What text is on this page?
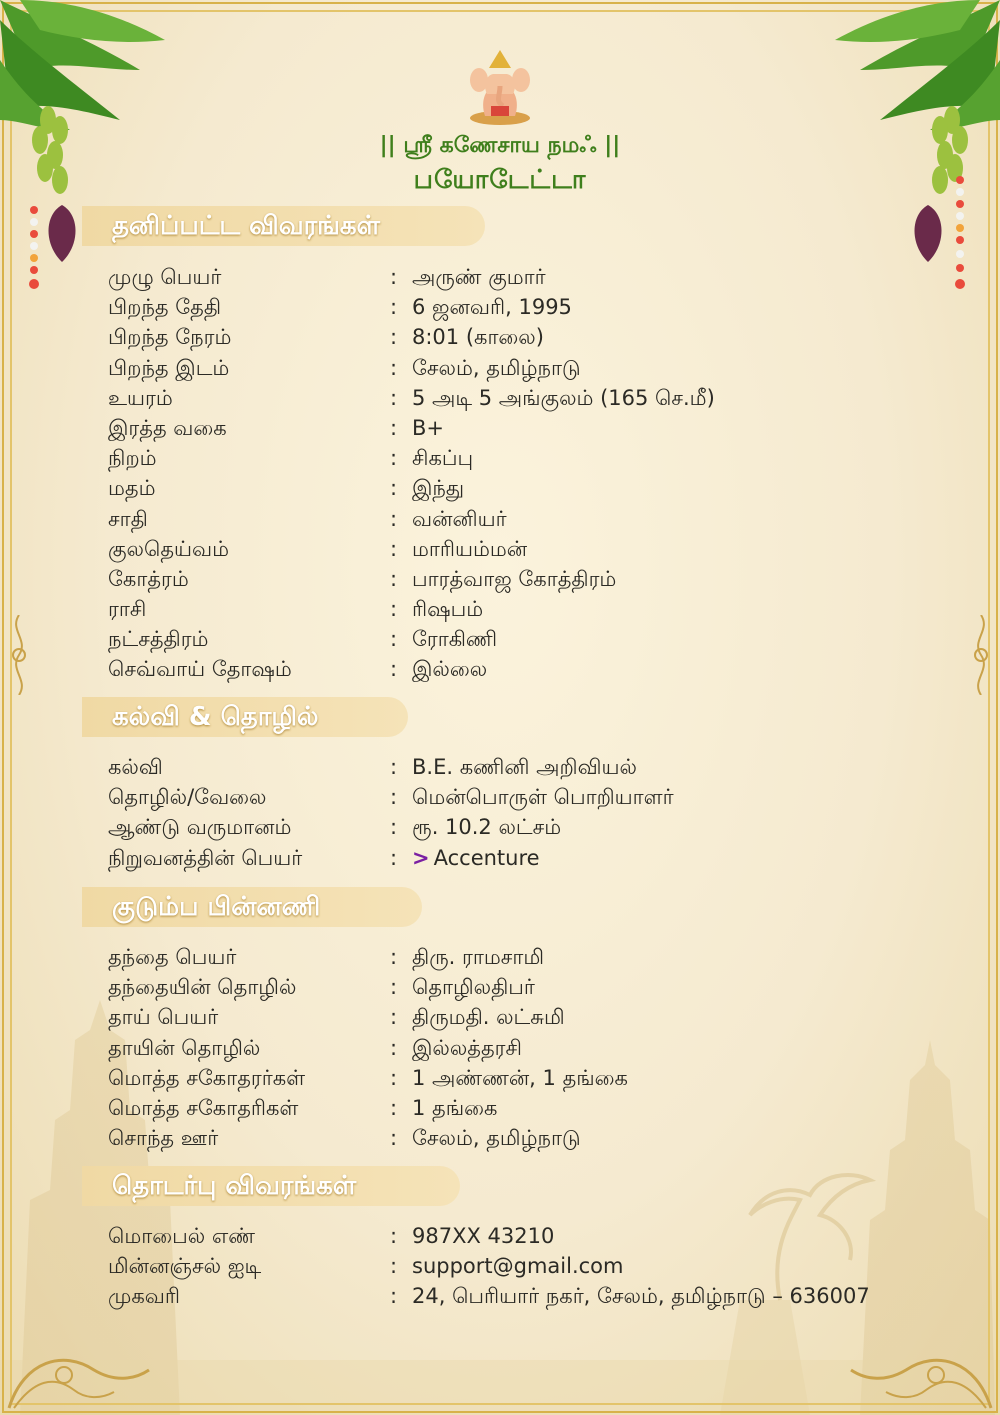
|| ஸ்ரீ கணேசாய நமஃ ||
பயோடேட்டா
தனிப்பட்ட விவரங்கள்
முழு பெயர்	: அருண் குமார்
பிறந்த தேதி	: 6 ஜனவரி, 1995
பிறந்த நேரம்	: 8:01 (காலை)
பிறந்த இடம்	: சேலம், தமிழ்நாடு
உயரம்	: 5 அடி 5 அங்குலம் (165 செ.மீ)
இரத்த வகை	: B+
நிறம்	: சிகப்பு
மதம்	: இந்து
சாதி	: வன்னியர்
குலதெய்வம்	: மாரியம்மன்
கோத்ரம்	: பாரத்வாஜ கோத்திரம்
ராசி	: ரிஷபம்
நட்சத்திரம்	: ரோகிணி
செவ்வாய் தோஷம்	: இல்லை
கல்வி & தொழில்
கல்வி	: B.E. கணினி அறிவியல்
தொழில்/வேலை	: மென்பொருள் பொறியாளர்
ஆண்டு வருமானம்	: ரூ. 10.2 லட்சம்
நிறுவனத்தின் பெயர்	: > Accenture
குடும்ப பின்னணி
தந்தை பெயர்	: திரு. ராமசாமி
தந்தையின் தொழில்	: தொழிலதிபர்
தாய் பெயர்	: திருமதி. லட்சுமி
தாயின் தொழில்	: இல்லத்தரசி
மொத்த சகோதரர்கள்	: 1 அண்ணன், 1 தங்கை
மொத்த சகோதரிகள்	: 1 தங்கை
சொந்த ஊர்	: சேலம், தமிழ்நாடு
தொடர்பு விவரங்கள்
மொபைல் எண்	: 987XX 43210
மின்னஞ்சல் ஐடி	: support@gmail.com
முகவரி	: 24, பெரியார் நகர், சேலம், தமிழ்நாடு – 636007
